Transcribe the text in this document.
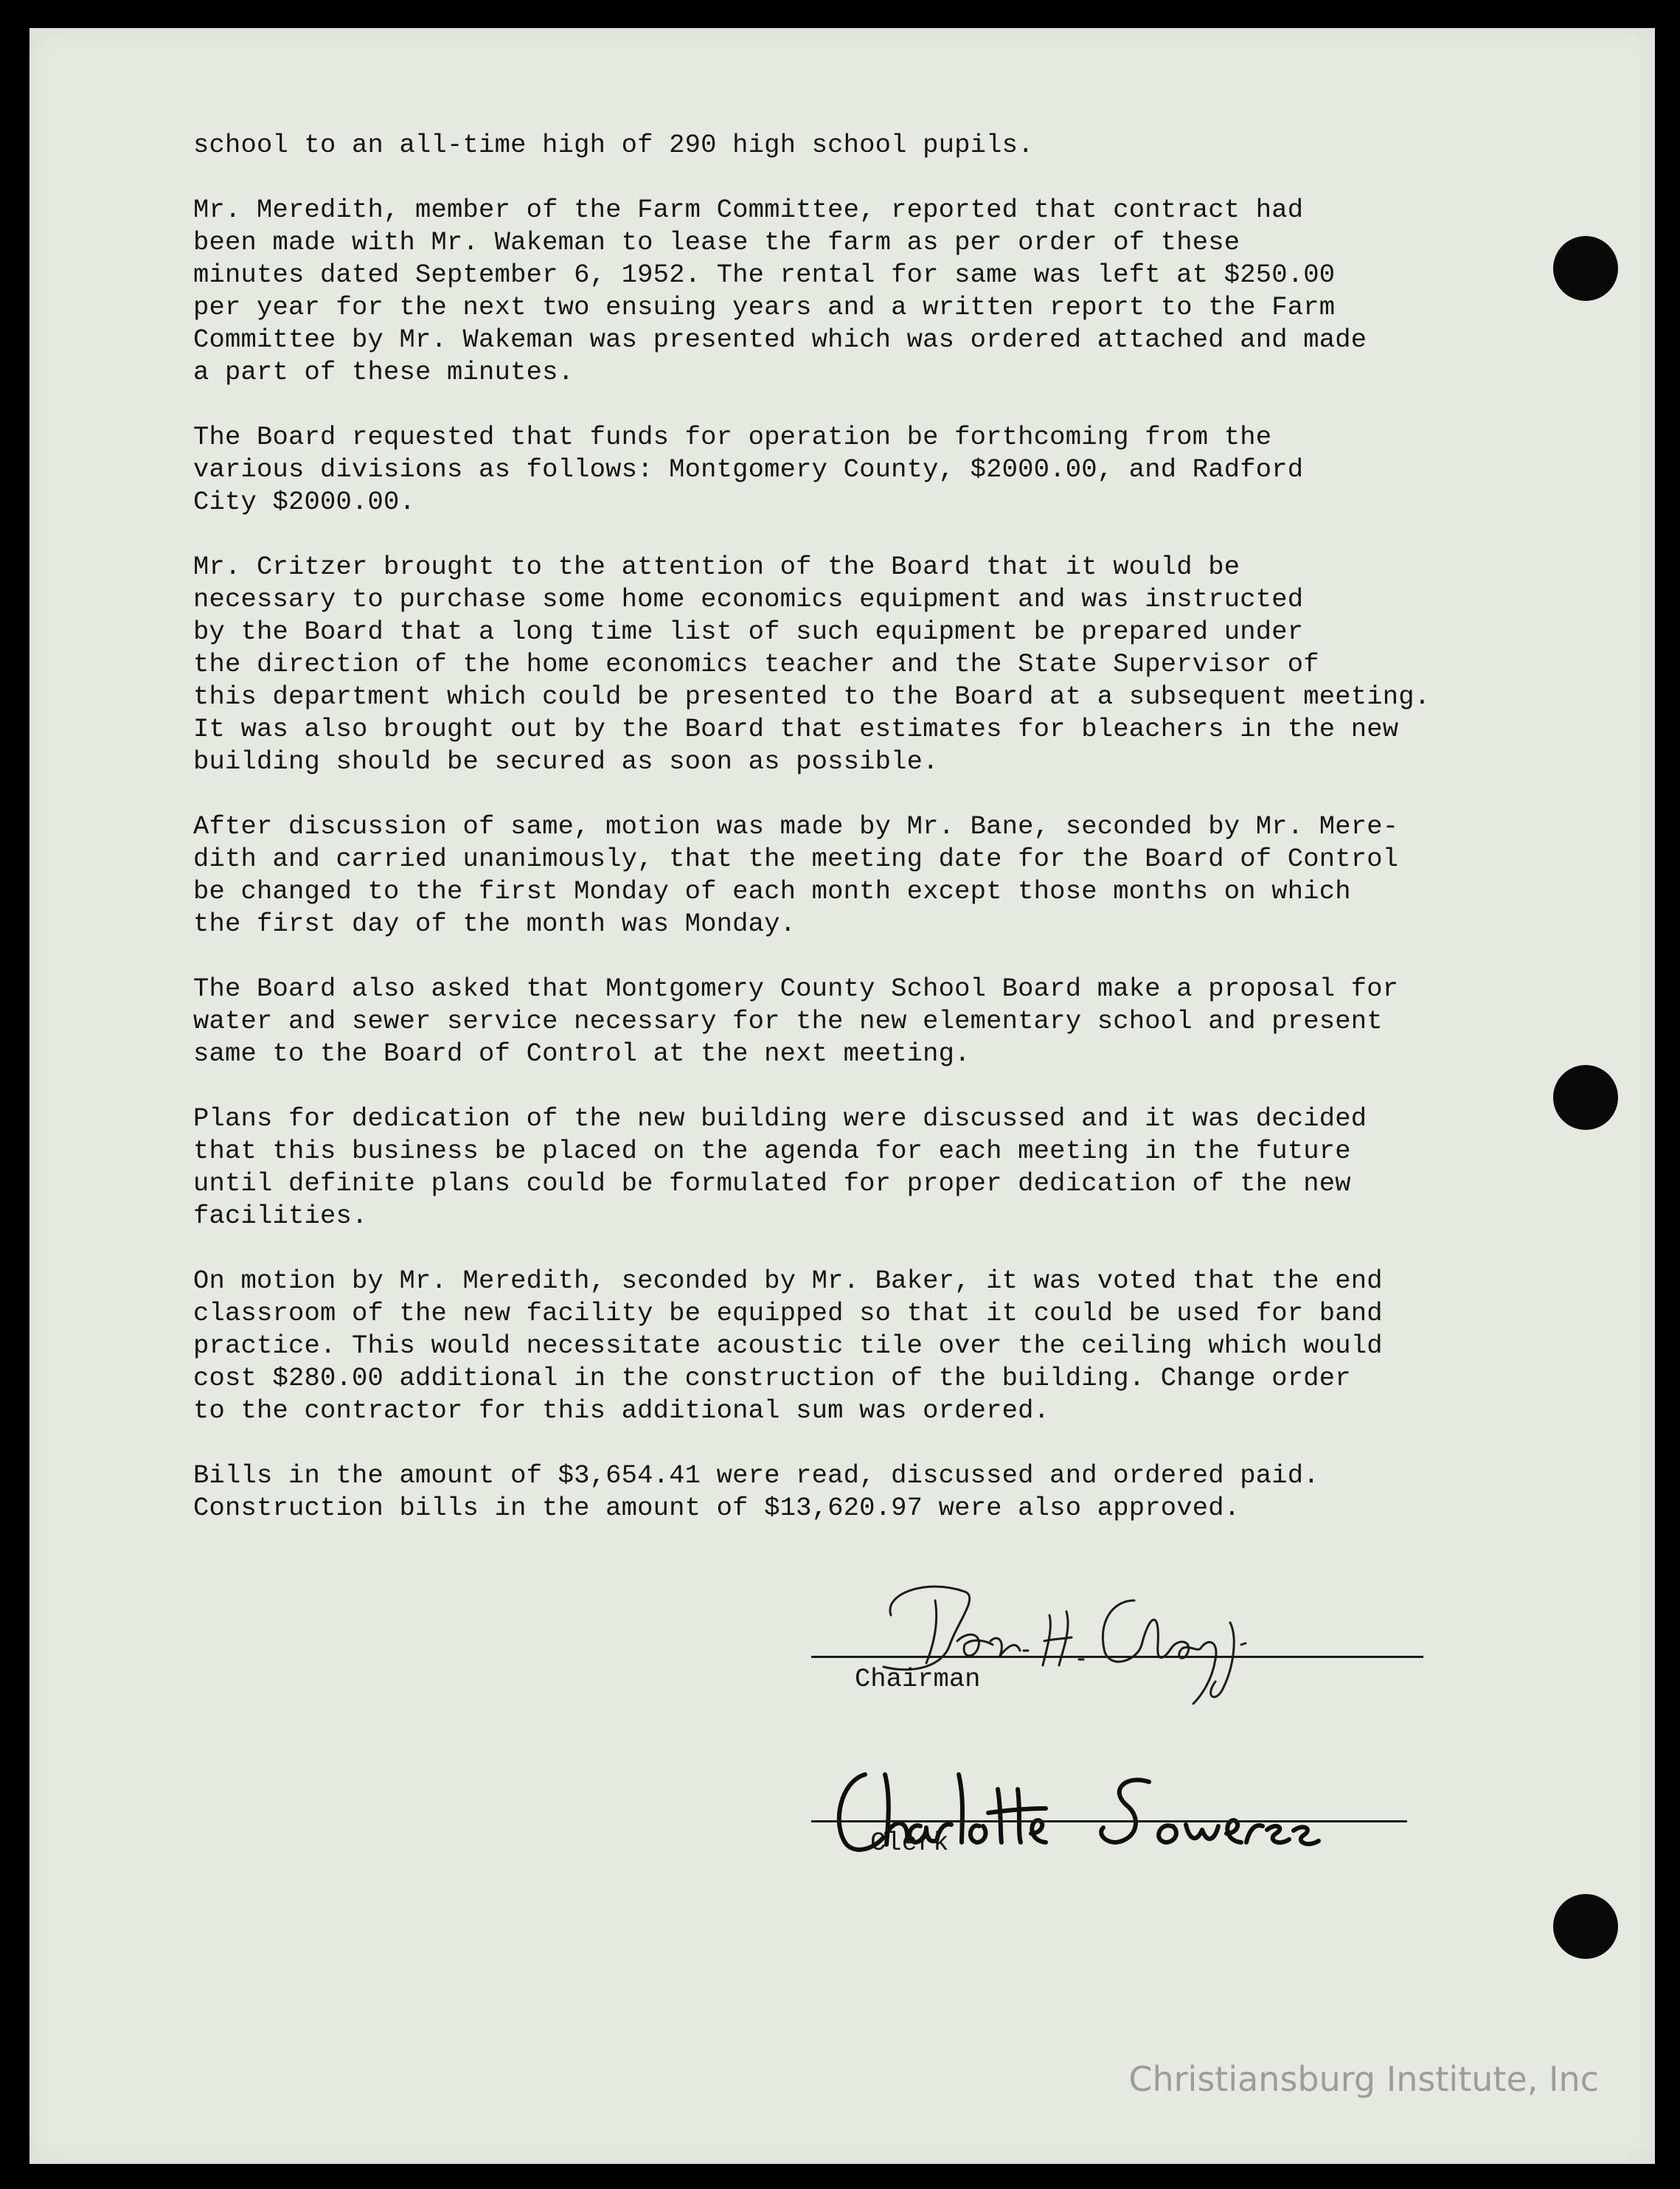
school to an all-time high of 290 high school pupils.

Mr. Meredith, member of the Farm Committee, reported that contract had
been made with Mr. Wakeman to lease the farm as per order of these
minutes dated September 6, 1952. The rental for same was left at $250.00
per year for the next two ensuing years and a written report to the Farm
Committee by Mr. Wakeman was presented which was ordered attached and made
a part of these minutes.

The Board requested that funds for operation be forthcoming from the
various divisions as follows: Montgomery County, $2000.00, and Radford
City $2000.00.

Mr. Critzer brought to the attention of the Board that it would be
necessary to purchase some home economics equipment and was instructed
by the Board that a long time list of such equipment be prepared under
the direction of the home economics teacher and the State Supervisor of
this department which could be presented to the Board at a subsequent meeting.
It was also brought out by the Board that estimates for bleachers in the new
building should be secured as soon as possible.

After discussion of same, motion was made by Mr. Bane, seconded by Mr. Mere-
dith and carried unanimously, that the meeting date for the Board of Control
be changed to the first Monday of each month except those months on which
the first day of the month was Monday.

The Board also asked that Montgomery County School Board make a proposal for
water and sewer service necessary for the new elementary school and present
same to the Board of Control at the next meeting.

Plans for dedication of the new building were discussed and it was decided
that this business be placed on the agenda for each meeting in the future
until definite plans could be formulated for proper dedication of the new
facilities.

On motion by Mr. Meredith, seconded by Mr. Baker, it was voted that the end
classroom of the new facility be equipped so that it could be used for band
practice. This would necessitate acoustic tile over the ceiling which would
cost $280.00 additional in the construction of the building. Change order
to the contractor for this additional sum was ordered.

Bills in the amount of $3,654.41 were read, discussed and ordered paid.
Construction bills in the amount of $13,620.97 were also approved.

Chairman
Clerk
Christiansburg Institute, Inc
